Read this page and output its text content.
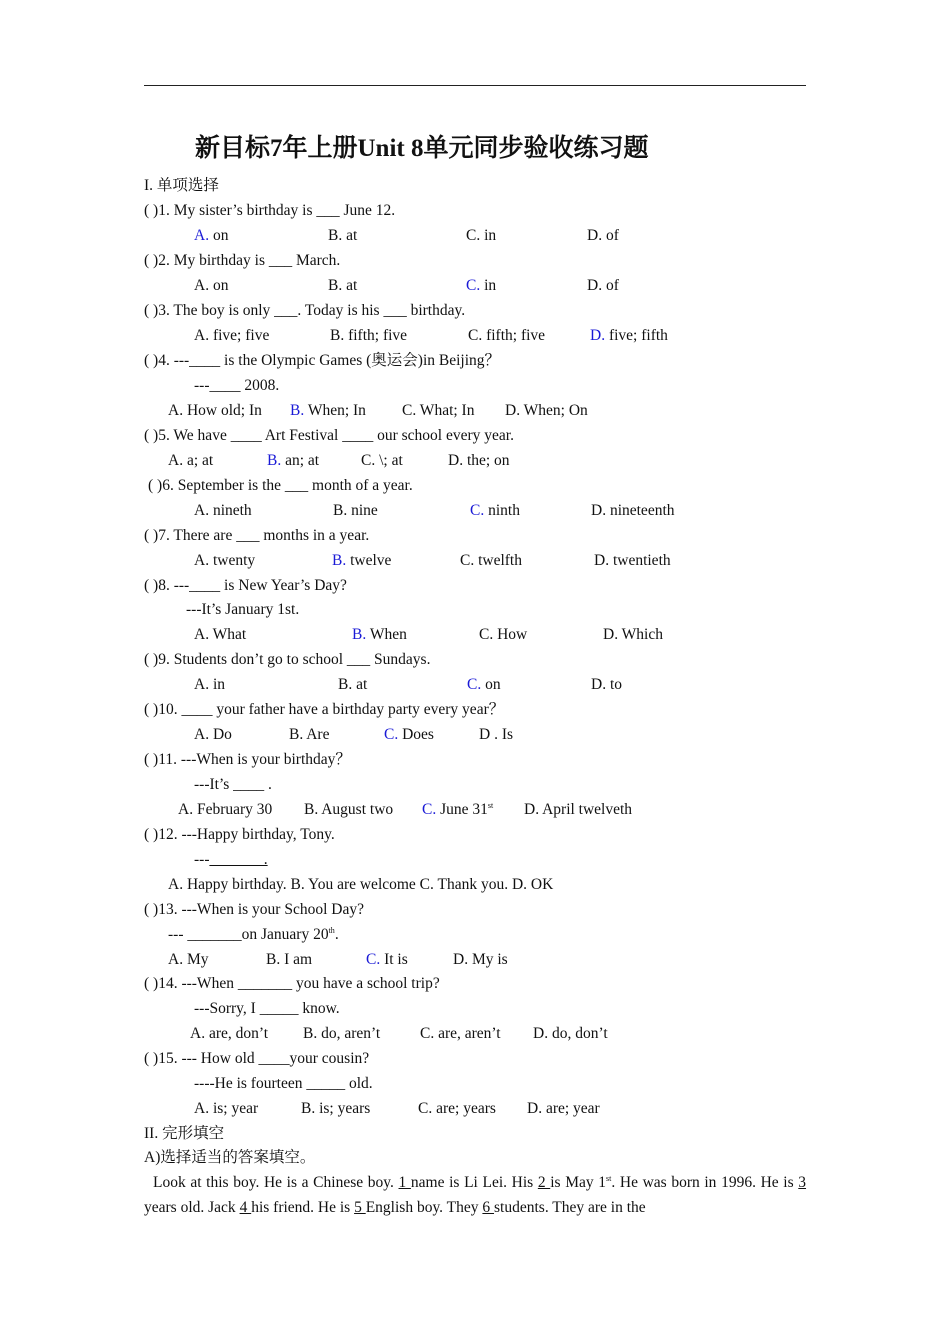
新目标7年上册Unit 8单元同步验收练习题
I. 单项选择
( )1. My sister’s birthday is ___ June 12.
A. on	B. at	C. in	D. of
( )2. My birthday is ___ March.
A. on	B. at	C. in	D. of
( )3. The boy is only ___. Today is his ___ birthday.
A. five; five	B. fifth; five	C. fifth; five	D. five; fifth
( )4. ---____ is the Olympic Games (奥运会)in Beijing？
---____ 2008.
A. How old; In B. When; In C. What; In D. When; On
( )5. We have ____ Art Festival ____ our school every year.
A. a; at	B. an; at	C. \; at	D. the; on
( )6. September is the ___ month of a year.
A. nineth	B. nine	C. ninth	D. nineteenth
( )7. There are ___ months in a year.
A. twenty	B. twelve	C. twelfth	D. twentieth
( )8. ---____ is New Year’s Day?
---It’s January 1st.
A. What	B. When	C. How	D. Which
( )9. Students don’t go to school ___ Sundays.
A. in	B. at	C. on	D. to
( )10. ____ your father have a birthday party every year？
A. Do	B. Are	C. Does	D . Is
( )11. ---When is your birthday？
---It’s ____ .
A. February 30 B. August two C. June 31st D. April twelveth
( )12. ---Happy birthday, Tony.
---_______.
A. Happy birthday. B. You are welcome C. Thank you. D. OK
( )13. ---When is your School Day?
--- _______on January 20th.
A. My	B. I am	C. It is	D. My is
( )14. ---When _______ you have a school trip?
---Sorry, I _____ know.
A. are, don’t B. do, aren’t	C. are, aren’t D. do, don’t
( )15. --- How old ____your cousin?
----He is fourteen _____ old.
A. is; year	B. is; years	C. are; years D. are; year
II. 完形填空
A)选择适当的答案填空。
Look at this boy. He is a Chinese boy. 1 name is Li Lei. His 2 is May 1st. He was born in 1996. He is 3 years old. Jack 4 his friend. He is 5 English boy. They 6 students. They are in the
